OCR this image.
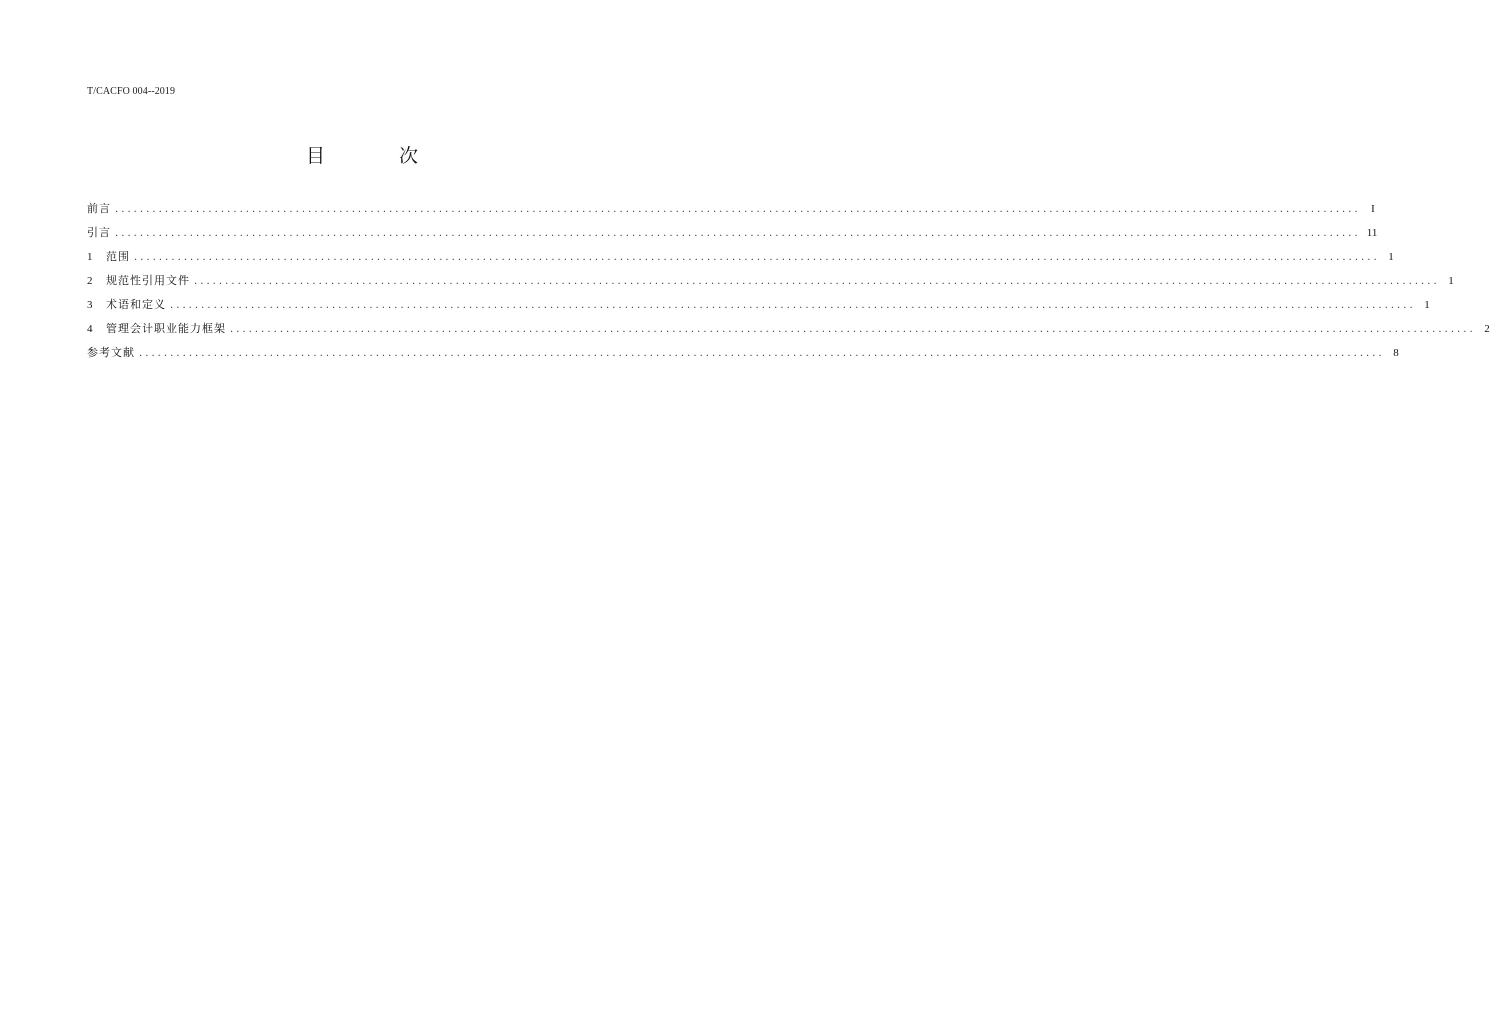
T/CACFO 004--2019
目 次
前言 ........................................................................................................................................................................................................ I
引言 ........................................................................................................................................................................................................ 11
1	范围 ........................................................................................................................................................................................................ 1
2	规范性引用文件 ........................................................................................................................................................................................................ 1
3	术语和定义 ........................................................................................................................................................................................................ 1
4	管理会计职业能力框架 ........................................................................................................................................................................................................ 2
参考文献 ........................................................................................................................................................................................................ 8
